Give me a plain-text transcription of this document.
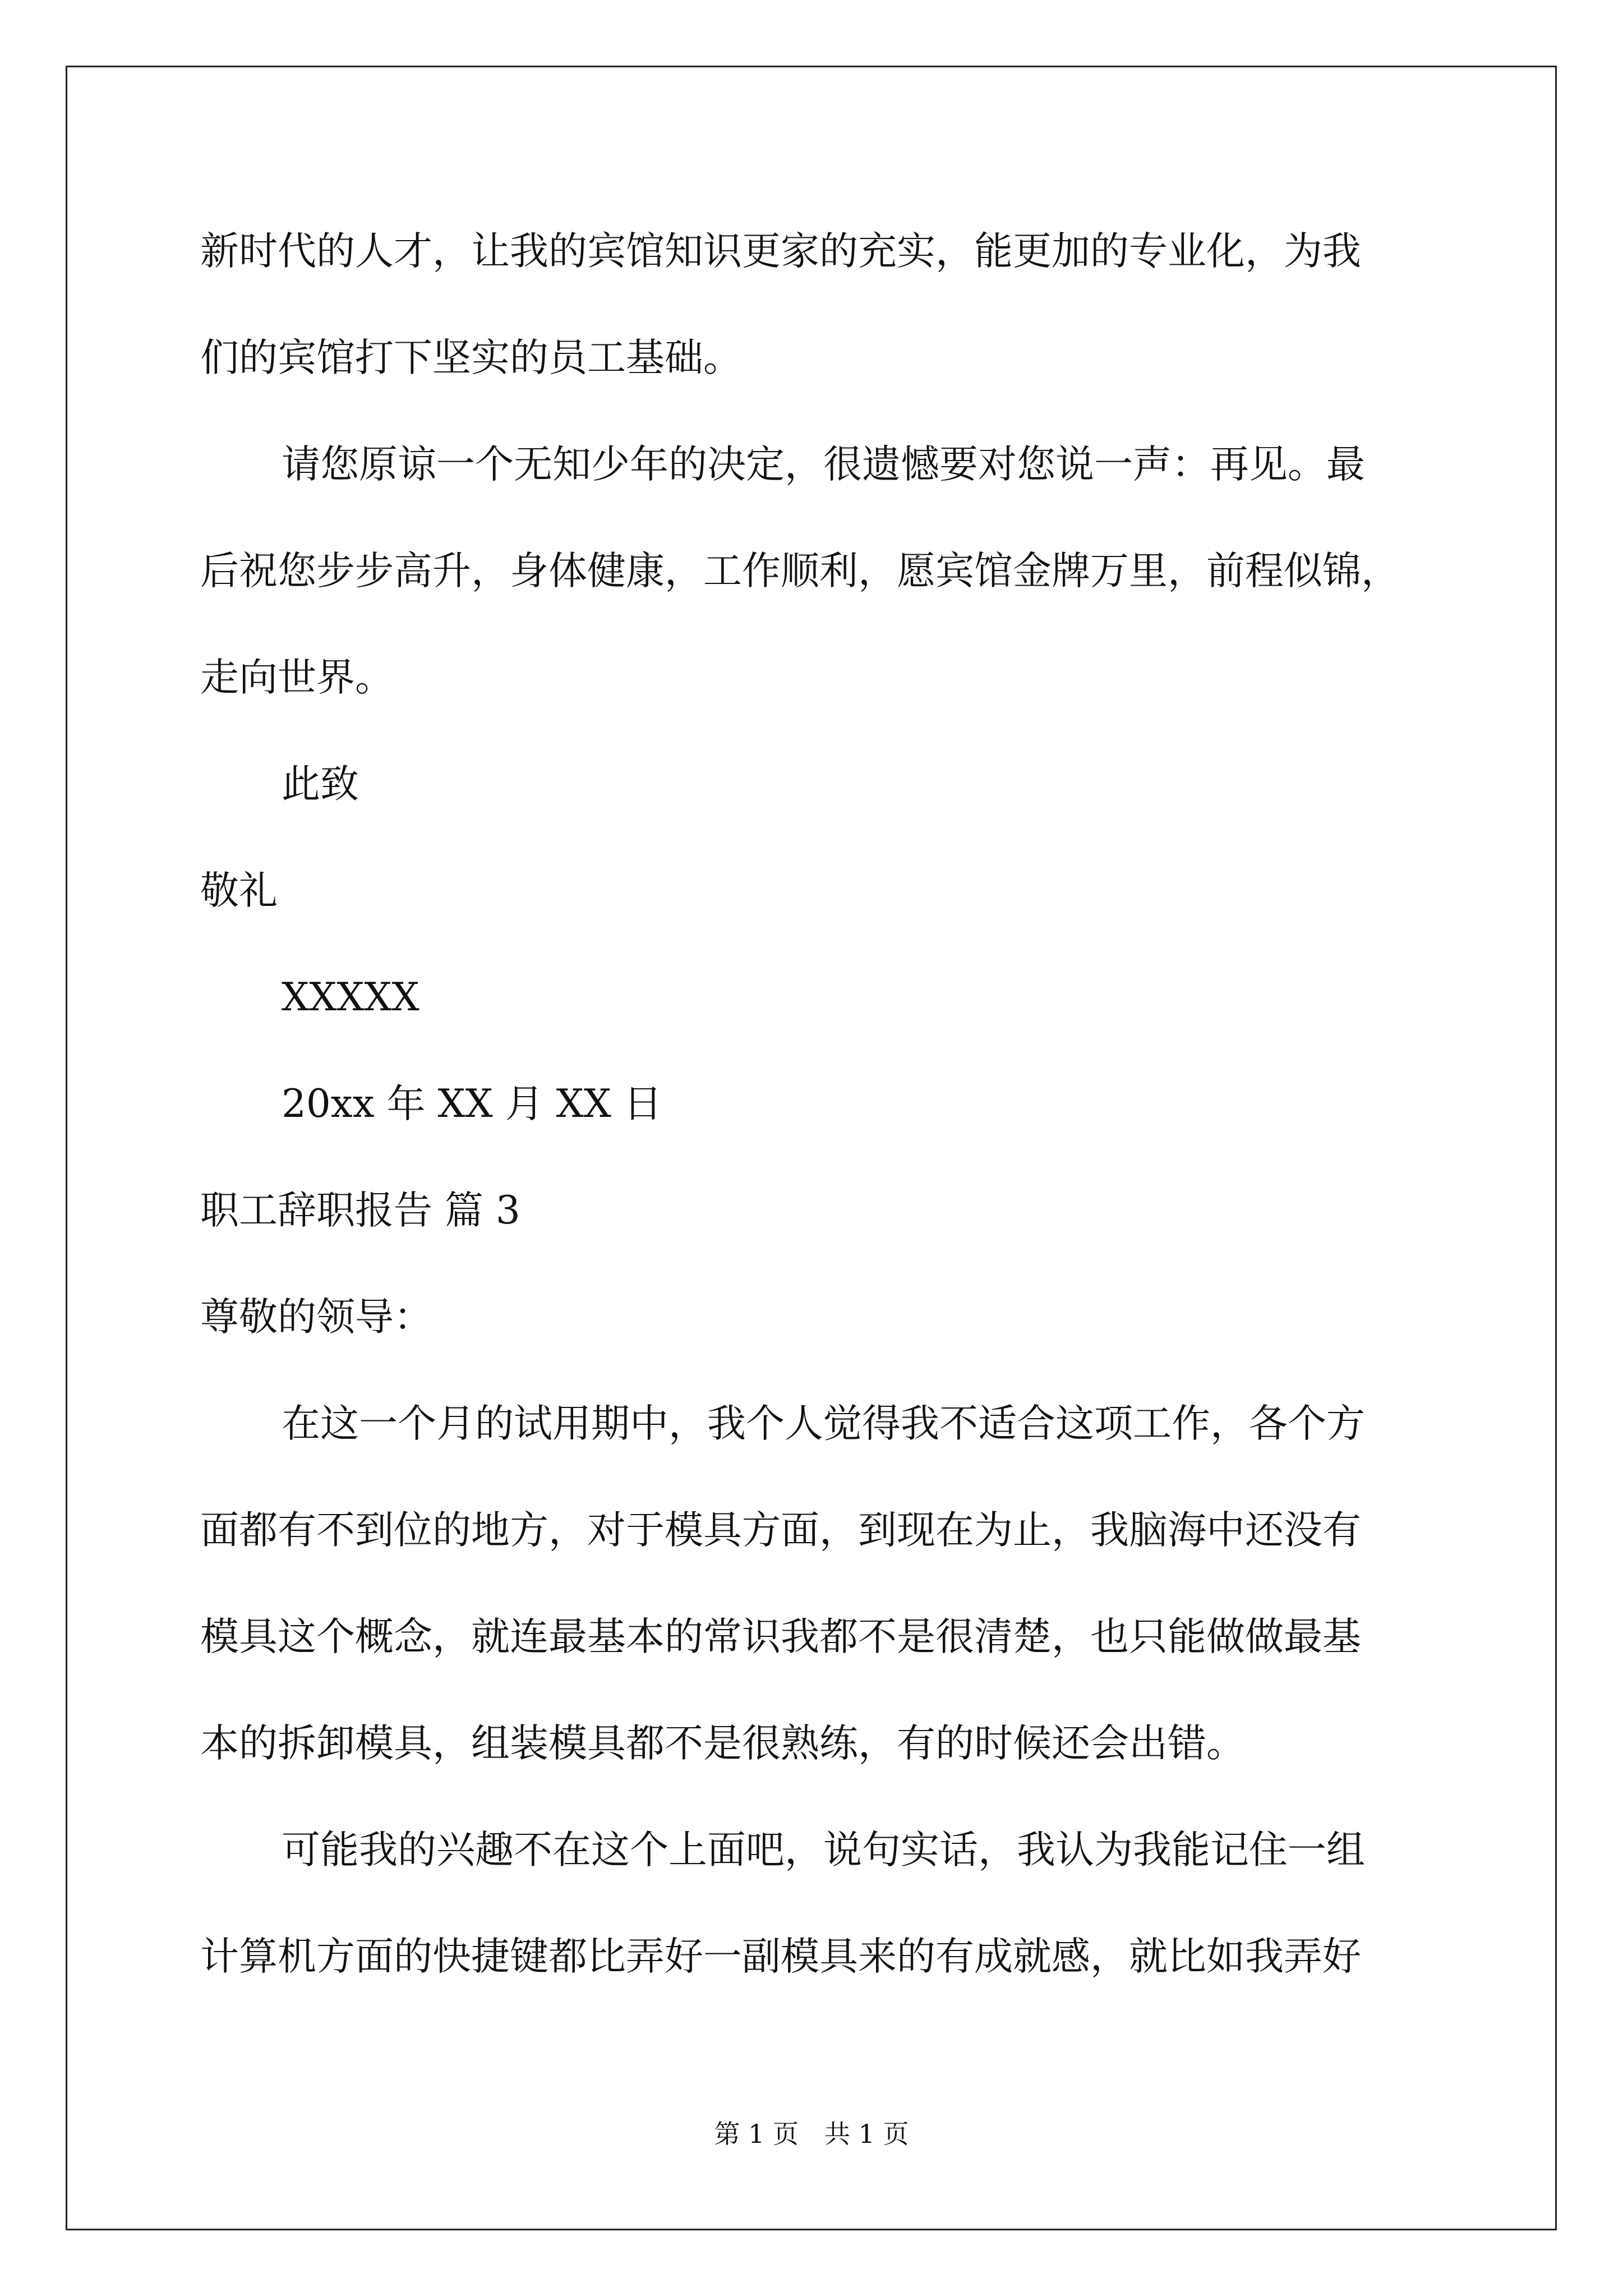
新时代的人才，让我的宾馆知识更家的充实，能更加的专业化，为我
们的宾馆打下坚实的员工基础。
请您原谅一个无知少年的决定，很遗憾要对您说一声：再见。最
后祝您步步高升，身体健康，工作顺利，愿宾馆金牌万里，前程似锦，
走向世界。
此致
敬礼
XXXXX
20xx 年 XX 月 XX 日
职工辞职报告 篇 3
尊敬的领导：
在这一个月的试用期中，我个人觉得我不适合这项工作，各个方
面都有不到位的地方，对于模具方面，到现在为止，我脑海中还没有
模具这个概念，就连最基本的常识我都不是很清楚，也只能做做最基
本的拆卸模具，组装模具都不是很熟练，有的时候还会出错。
可能我的兴趣不在这个上面吧，说句实话，我认为我能记住一组
计算机方面的快捷键都比弄好一副模具来的有成就感，就比如我弄好
第 1 页　共 1 页
